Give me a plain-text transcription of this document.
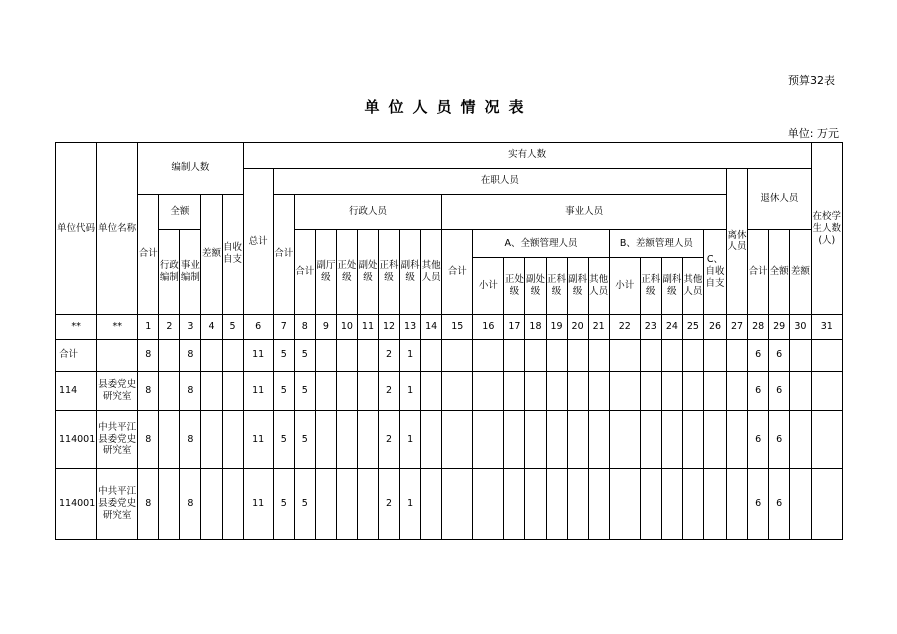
预算32表
单位人员情况表
单位: 万元
单位代码	单位名称	编制人数					实有人数																									在校学生人数(人)
							总计	在职人员																				离休人员	退休人员			
		合计	全额		差额	自收自支		合计	行政人员							事业人员																
			行政编制	事业编制					合计	副厅级	正处级	副处级	正科级	副科级	其他人员	合计	A、全额管理人员						B、差额管理人员				C、自收自支		合计	全额	差额	
																	小计	正处级	副处级	正科级	副科级	其他人员	小计	正科级	副科级	其他人员						
**	**	1	2	3	4	5	6	7	8	9	10	11	12	13	14	15	16	17	18	19	20	21	22	23	24	25	26	27	28	29	30	31
合计		8		8			11	5	5				2	1															6	6		
114	县委党史研究室	8		8			11	5	5				2	1															6	6		
114001	中共平江县委党史研究室	8		8			11	5	5				2	1															6	6		
114001	中共平江县委党史研究室	8		8			11	5	5				2	1															6	6		
